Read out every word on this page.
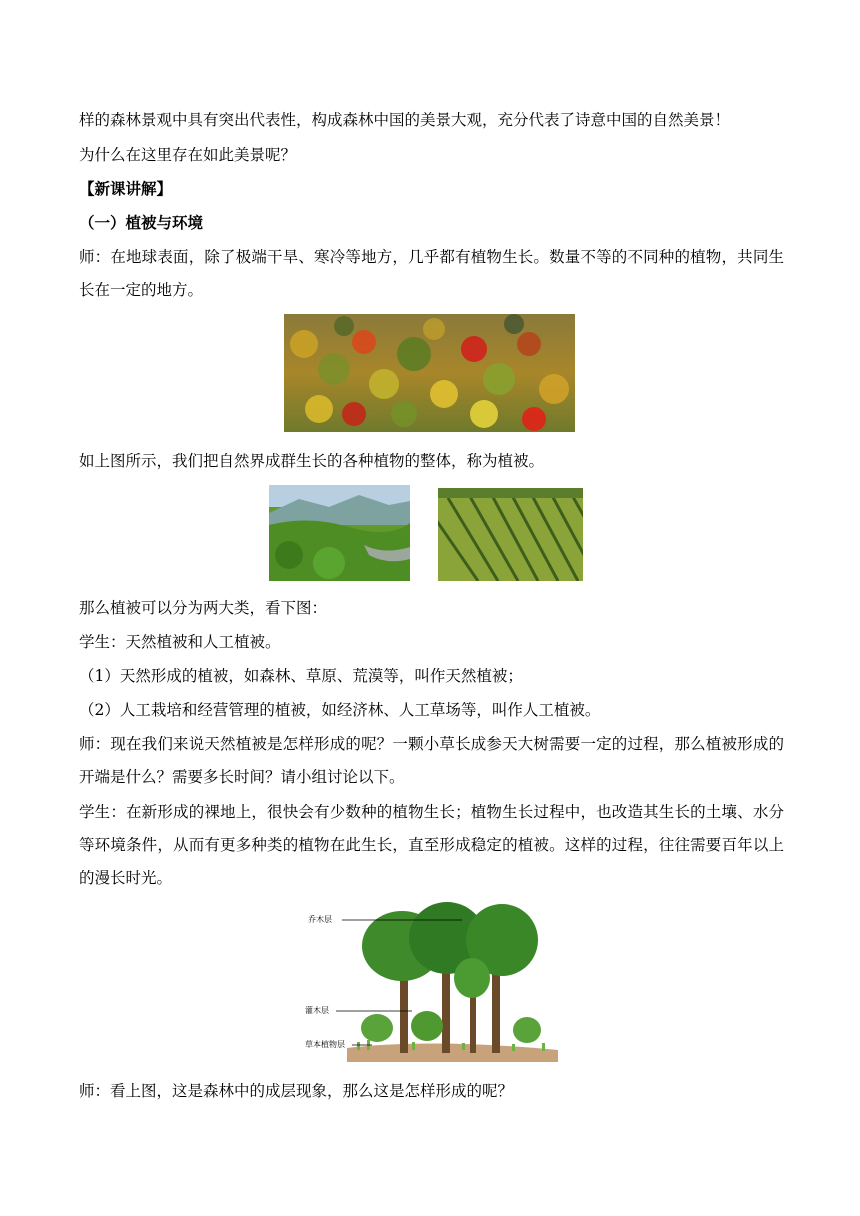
样的森林景观中具有突出代表性，构成森林中国的美景大观，充分代表了诗意中国的自然美景！
为什么在这里存在如此美景呢？
【新课讲解】
（一）植被与环境
师：在地球表面，除了极端干旱、寒冷等地方，几乎都有植物生长。数量不等的不同种的植物，共同生长在一定的地方。
如上图所示，我们把自然界成群生长的各种植物的整体，称为植被。
那么植被可以分为两大类，看下图：
学生：天然植被和人工植被。
（1）天然形成的植被，如森林、草原、荒漠等，叫作天然植被；
（2）人工栽培和经营管理的植被，如经济林、人工草场等，叫作人工植被。
师：现在我们来说天然植被是怎样形成的呢？一颗小草长成参天大树需要一定的过程，那么植被形成的开端是什么？需要多长时间？请小组讨论以下。
学生：在新形成的裸地上，很快会有少数种的植物生长；植物生长过程中，也改造其生长的土壤、水分等环境条件，从而有更多种类的植物在此生长，直至形成稳定的植被。这样的过程，往往需要百年以上的漫长时光。
乔木层
灌木层
草本植物层
师：看上图，这是森林中的成层现象，那么这是怎样形成的呢？
